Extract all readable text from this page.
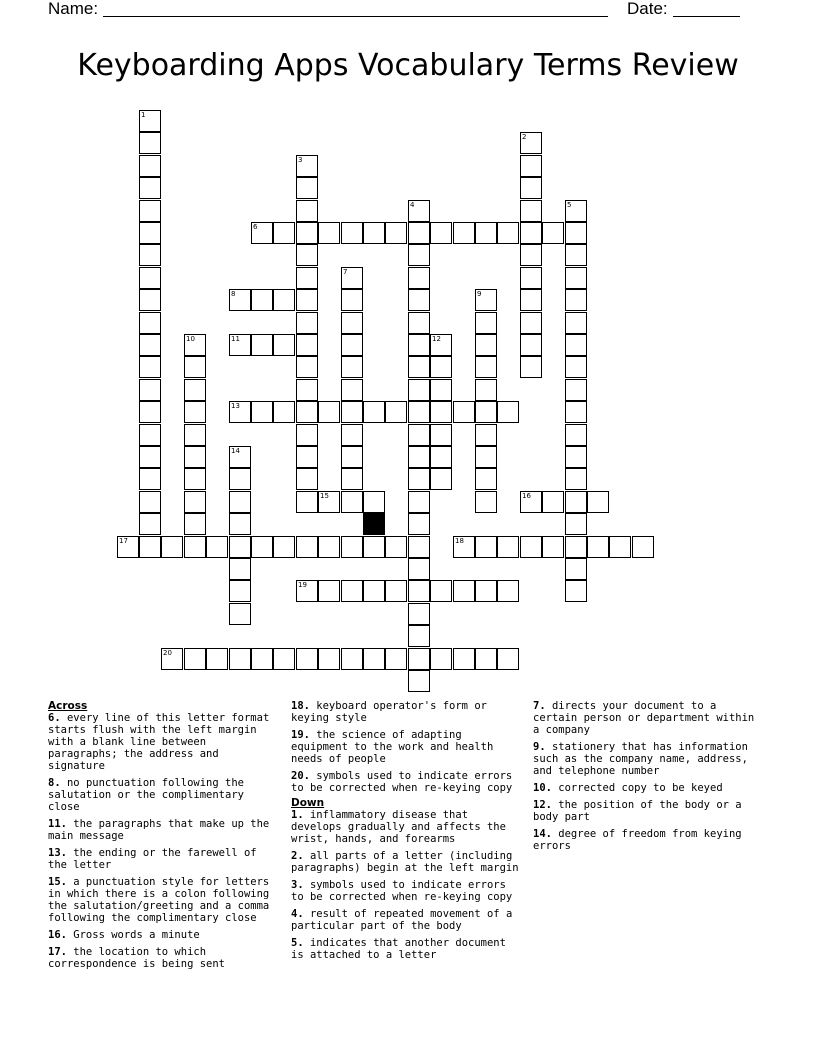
Name:	Date:
Keyboarding Apps Vocabulary Terms Review
1
2
3
4	5
6
7
8	9
10	11	12
13
14
15	16
17	18
19
20
Across
6. every line of this letter format starts flush with the left margin with a blank line between paragraphs; the address and signature
8. no punctuation following the salutation or the complimentary close
11. the paragraphs that make up the main message
13. the ending or the farewell of the letter
15. a punctuation style for letters in which there is a colon following the salutation/greeting and a comma following the complimentary close
16. Gross words a minute
17. the location to which correspondence is being sent
18. keyboard operator's form or keying style
19. the science of adapting equipment to the work and health needs of people
20. symbols used to indicate errors to be corrected when re-keying copy
Down
1. inflammatory disease that develops gradually and affects the wrist, hands, and forearms
2. all parts of a letter (including paragraphs) begin at the left margin
3. symbols used to indicate errors to be corrected when re-keying copy
4. result of repeated movement of a particular part of the body
5. indicates that another document is attached to a letter
7. directs your document to a certain person or department within a company
9. stationery that has information such as the company name, address, and telephone number
10. corrected copy to be keyed
12. the position of the body or a body part
14. degree of freedom from keying errors
